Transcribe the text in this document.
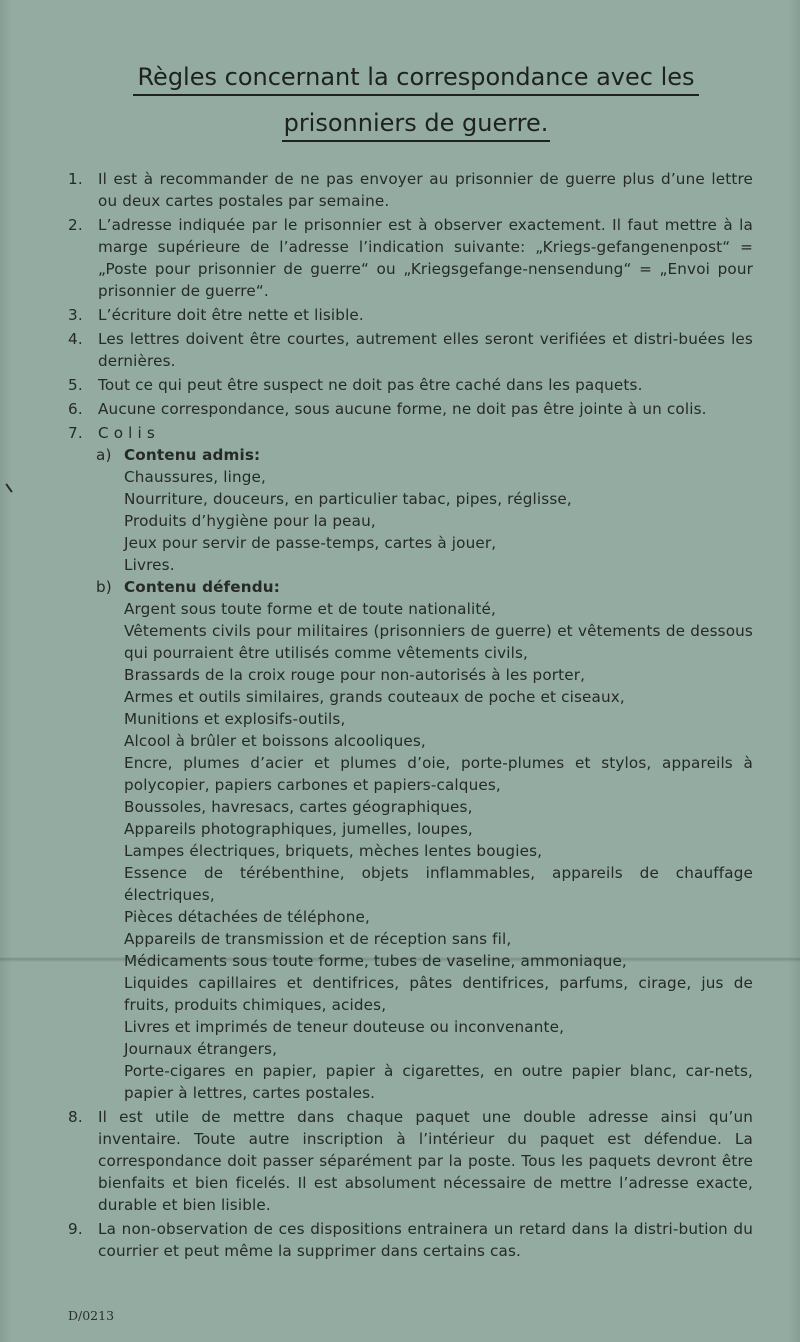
Règles concernant la correspondance avec les
prisonniers de guerre.
1.	Il est à recommander de ne pas envoyer au prisonnier de guerre plus d’une lettre ou deux cartes postales par semaine.
2.	L’adresse indiquée par le prisonnier est à observer exactement. Il faut mettre à la marge supérieure de l’adresse l’indication suivante: „Kriegs-gefangenenpost“ = „Poste pour prisonnier de guerre“ ou „Kriegsgefange-nensendung“ = „Envoi pour prisonnier de guerre“.
3.	L’écriture doit être nette et lisible.
4.	Les lettres doivent être courtes, autrement elles seront verifiées et distri-buées les dernières.
5.	Tout ce qui peut être suspect ne doit pas être caché dans les paquets.
6.	Aucune correspondance, sous aucune forme, ne doit pas être jointe à un colis.
7.	C o l i s
a) Contenu admis:
Chaussures, linge,
Nourriture, douceurs, en particulier tabac, pipes, réglisse,
Produits d’hygiène pour la peau,
Jeux pour servir de passe-temps, cartes à jouer,
Livres.
b) Contenu défendu:
Argent sous toute forme et de toute nationalité,
Vêtements civils pour militaires (prisonniers de guerre) et vêtements de dessous qui pourraient être utilisés comme vêtements civils,
Brassards de la croix rouge pour non-autorisés à les porter,
Armes et outils similaires, grands couteaux de poche et ciseaux,
Munitions et explosifs-outils,
Alcool à brûler et boissons alcooliques,
Encre, plumes d’acier et plumes d’oie, porte-plumes et stylos, appareils à polycopier, papiers carbones et papiers-calques,
Boussoles, havresacs, cartes géographiques,
Appareils photographiques, jumelles, loupes,
Lampes électriques, briquets, mèches lentes bougies,
Essence de térébenthine, objets inflammables, appareils de chauffage électriques,
Pièces détachées de téléphone,
Appareils de transmission et de réception sans fil,
Médicaments sous toute forme, tubes de vaseline, ammoniaque,
Liquides capillaires et dentifrices, pâtes dentifrices, parfums, cirage, jus de fruits, produits chimiques, acides,
Livres et imprimés de teneur douteuse ou inconvenante,
Journaux étrangers,
Porte-cigares en papier, papier à cigarettes, en outre papier blanc, car-nets, papier à lettres, cartes postales.
8.	Il est utile de mettre dans chaque paquet une double adresse ainsi qu’un inventaire. Toute autre inscription à l’intérieur du paquet est défendue. La correspondance doit passer séparément par la poste. Tous les paquets devront être bienfaits et bien ficelés. Il est absolument nécessaire de mettre l’adresse exacte, durable et bien lisible.
9.	La non-observation de ces dispositions entrainera un retard dans la distri-bution du courrier et peut même la supprimer dans certains cas.
D/0213
